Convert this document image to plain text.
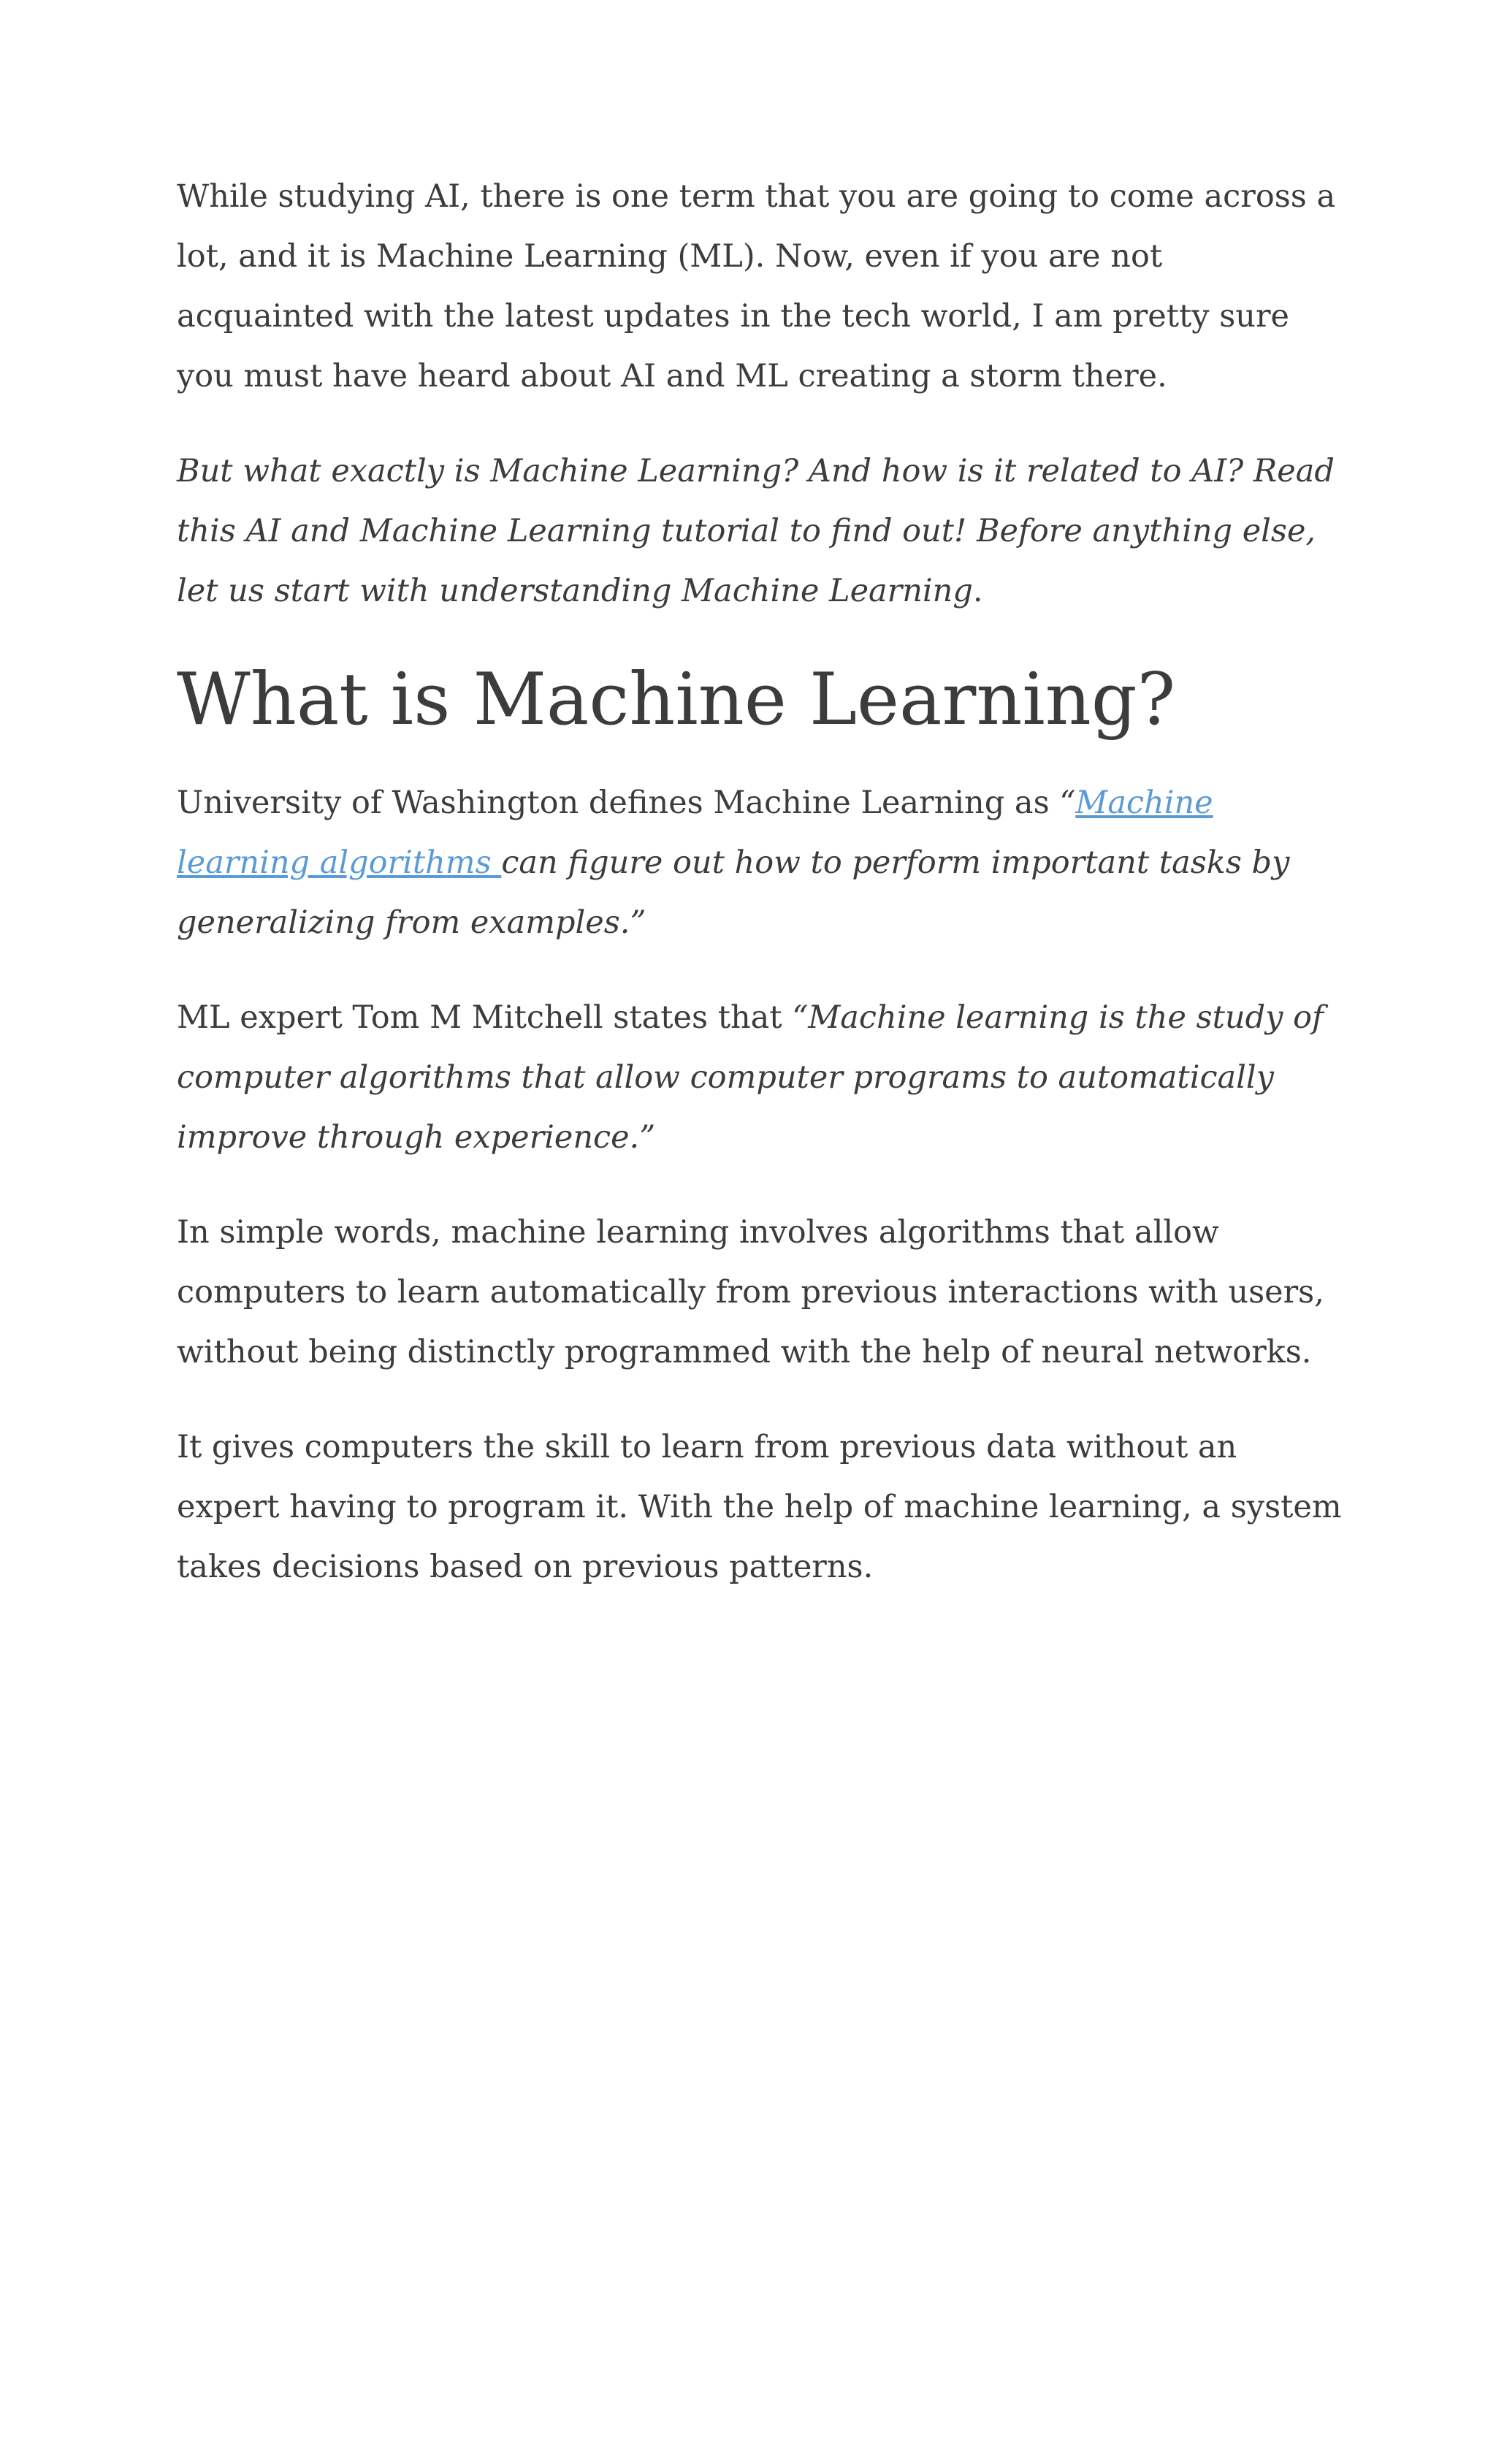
While studying AI, there is one term that you are going to come across a lot, and it is Machine Learning (ML). Now, even if you are not acquainted with the latest updates in the tech world, I am pretty sure you must have heard about AI and ML creating a storm there.

But what exactly is Machine Learning? And how is it related to AI? Read this AI and Machine Learning tutorial to find out! Before anything else, let us start with understanding Machine Learning.

What is Machine Learning?

University of Washington defines Machine Learning as “Machine learning algorithms can figure out how to perform important tasks by generalizing from examples.”

ML expert Tom M Mitchell states that “Machine learning is the study of computer algorithms that allow computer programs to automatically improve through experience.”

In simple words, machine learning involves algorithms that allow computers to learn automatically from previous interactions with users, without being distinctly programmed with the help of neural networks.

It gives computers the skill to learn from previous data without an expert having to program it. With the help of machine learning, a system takes decisions based on previous patterns.
